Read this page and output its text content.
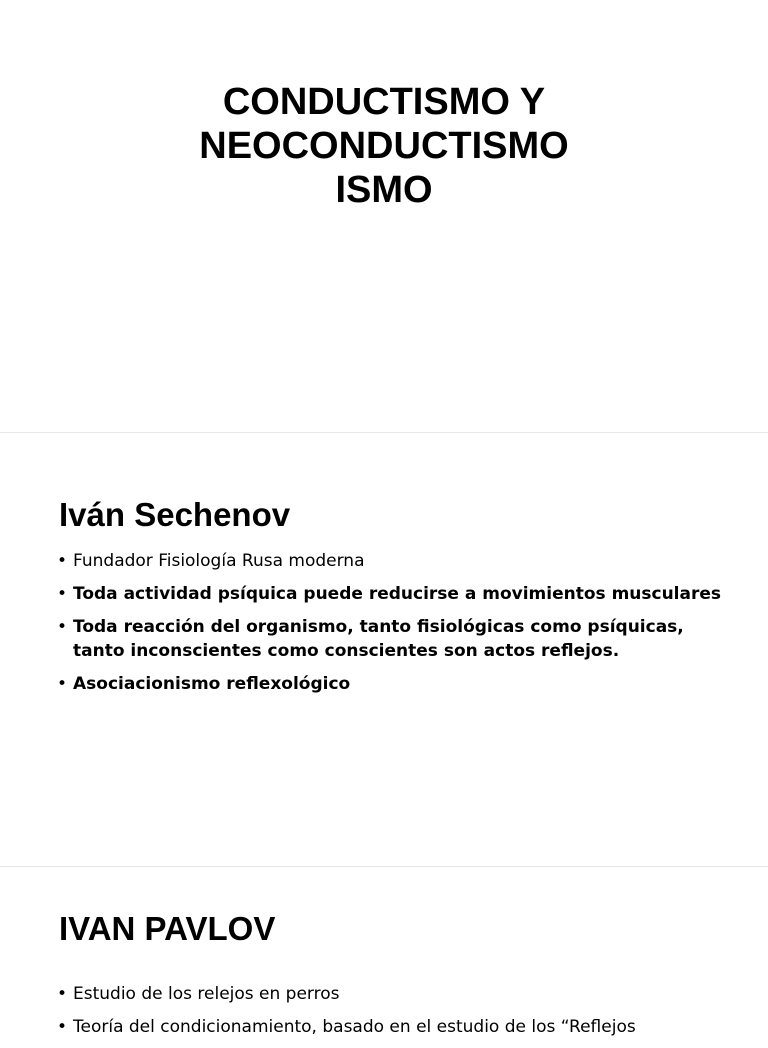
CONDUCTISMO Y
NEOCONDUCTISMO
ISMO
Iván Sechenov
• Fundador Fisiología Rusa moderna
• Toda actividad psíquica puede reducirse a movimientos musculares
• Toda reacción del organismo, tanto fisiológicas como psíquicas, tanto inconscientes como conscientes son actos reflejos.
• Asociacionismo reflexológico
IVAN PAVLOV
• Estudio de los relejos en perros
• Teoría del condicionamiento, basado en el estudio de los “Reflejos
